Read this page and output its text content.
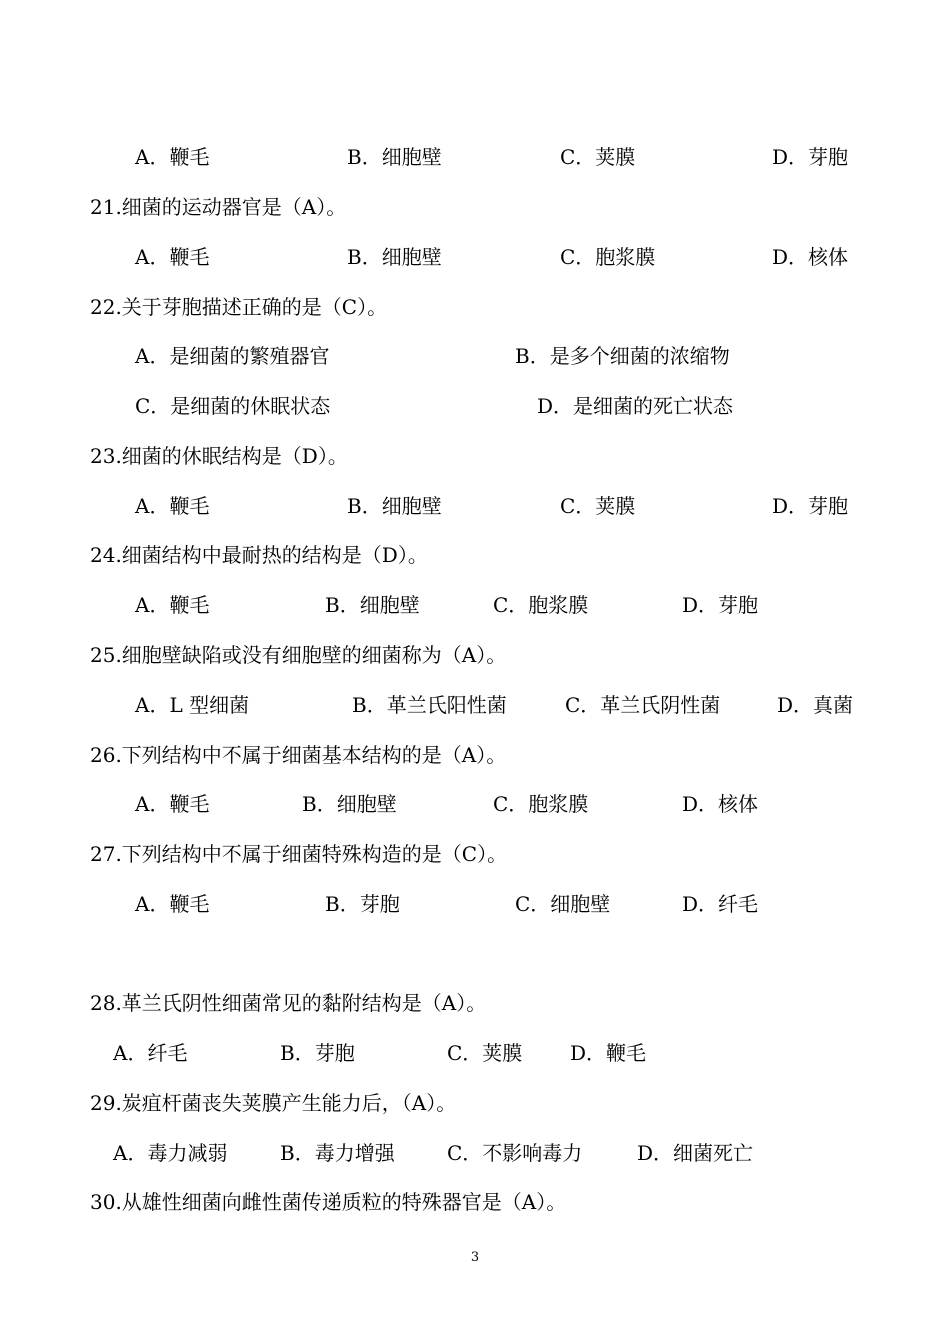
A．鞭毛	B．细胞壁	C．荚膜	D．芽胞
21.细菌的运动器官是（A）。
A．鞭毛	B．细胞壁	C．胞浆膜	D．核体
22.关于芽胞描述正确的是（C）。
A．是细菌的繁殖器官	B．是多个细菌的浓缩物
C．是细菌的休眠状态	D．是细菌的死亡状态
23.细菌的休眠结构是（D）。
A．鞭毛	B．细胞壁	C．荚膜	D．芽胞
24.细菌结构中最耐热的结构是（D）。
A．鞭毛	B．细胞壁	C．胞浆膜	D．芽胞
25.细胞壁缺陷或没有细胞壁的细菌称为（A）。
A．L 型细菌	B．革兰氏阳性菌	C．革兰氏阴性菌	D．真菌
26.下列结构中不属于细菌基本结构的是（A）。
A．鞭毛	B．细胞壁	C．胞浆膜	D．核体
27.下列结构中不属于细菌特殊构造的是（C）。
A．鞭毛	B．芽胞	C．细胞壁	D．纤毛
28.革兰氏阴性细菌常见的黏附结构是（A）。
A．纤毛	B．芽胞	C．荚膜 D．鞭毛
29.炭疽杆菌丧失荚膜产生能力后，（A）。
A．毒力减弱	B．毒力增强	C．不影响毒力	D．细菌死亡
30.从雄性细菌向雌性菌传递质粒的特殊器官是（A）。
3
